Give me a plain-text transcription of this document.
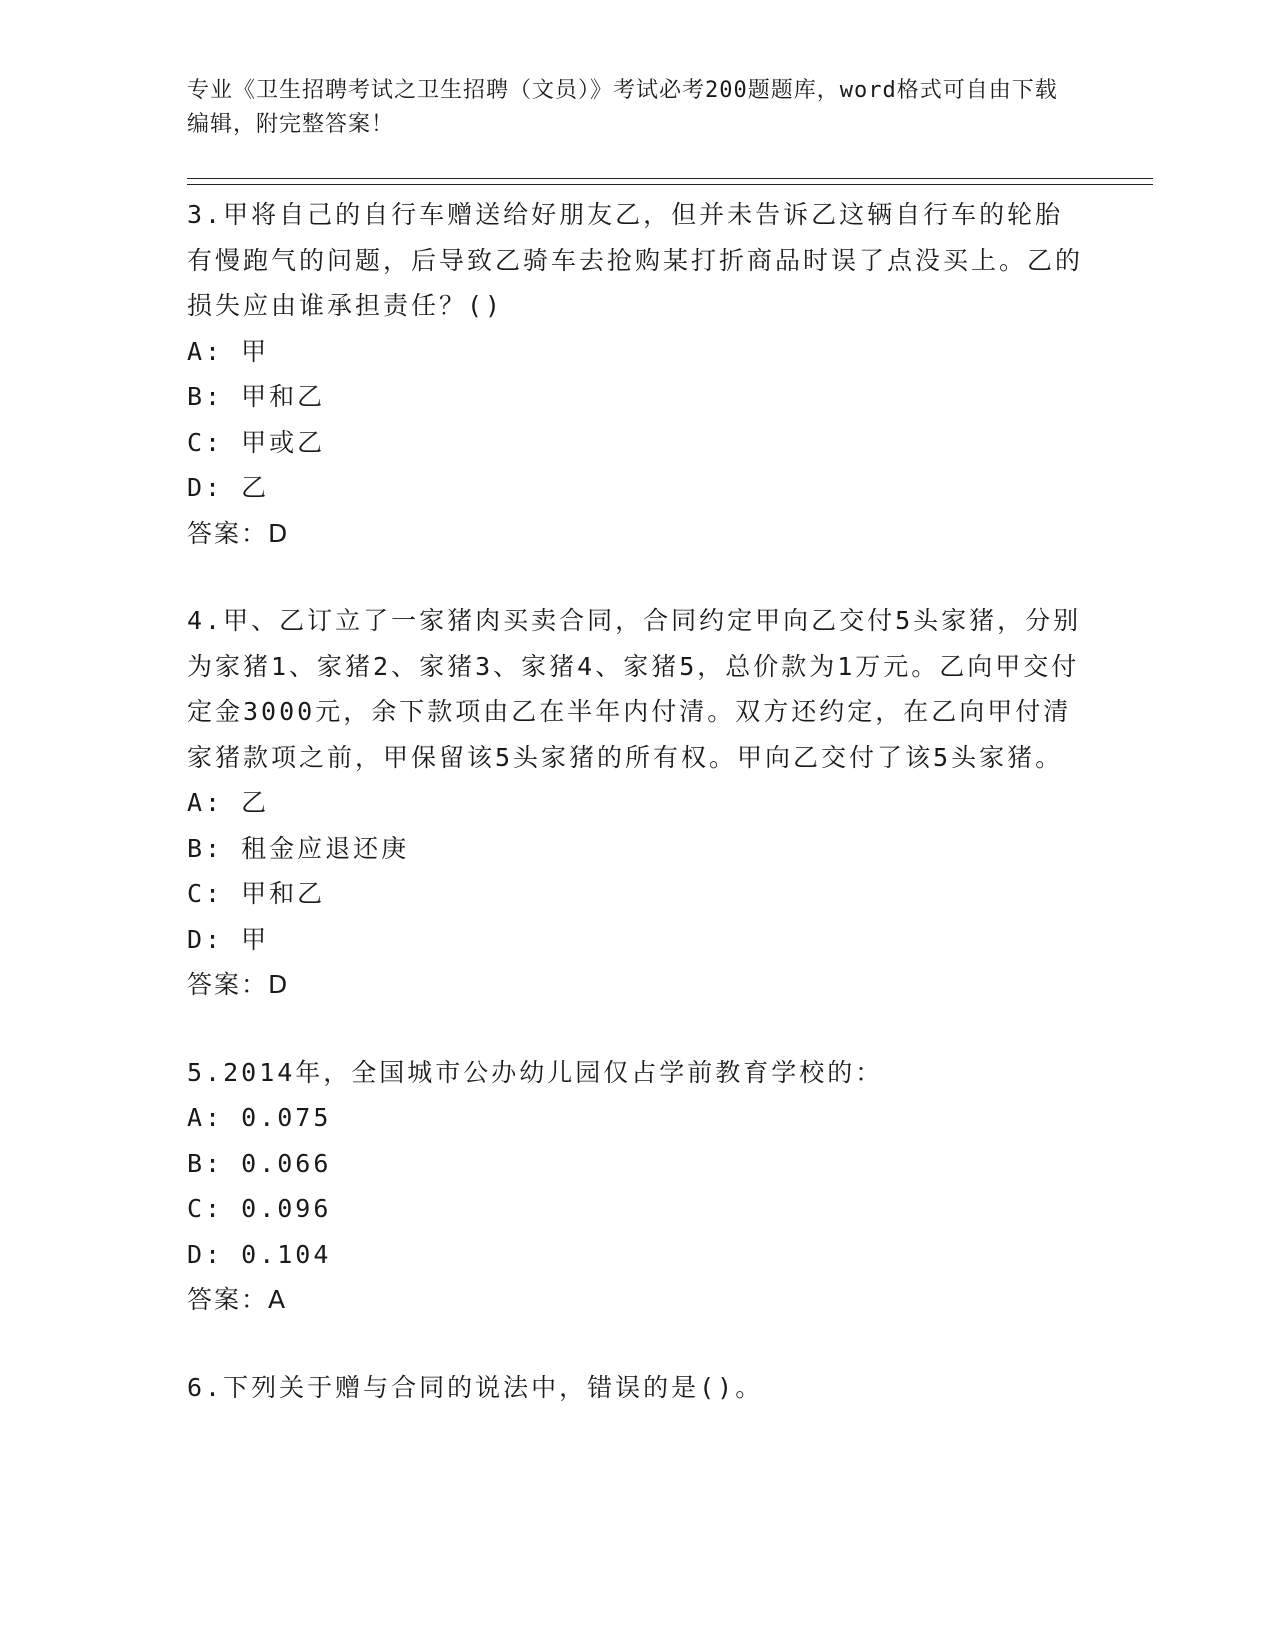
专业《卫生招聘考试之卫生招聘（文员）》考试必考200题题库，word格式可自由下载编辑，附完整答案！

3.甲将自己的自行车赠送给好朋友乙，但并未告诉乙这辆自行车的轮胎有慢跑气的问题，后导致乙骑车去抢购某打折商品时误了点没买上。乙的损失应由谁承担责任？()

A: 甲

B: 甲和乙

C: 甲或乙

D: 乙

答案：D

4.甲、乙订立了一家猪肉买卖合同，合同约定甲向乙交付5头家猪，分别为家猪1、家猪2、家猪3、家猪4、家猪5，总价款为1万元。乙向甲交付定金3000元，余下款项由乙在半年内付清。双方还约定，在乙向甲付清家猪款项之前，甲保留该5头家猪的所有权。甲向乙交付了该5头家猪。

A: 乙

B: 租金应退还庚

C: 甲和乙

D: 甲

答案：D

5.2014年，全国城市公办幼儿园仅占学前教育学校的：

A: 0.075

B: 0.066

C: 0.096

D: 0.104

答案：A

6.下列关于赠与合同的说法中，错误的是()。
